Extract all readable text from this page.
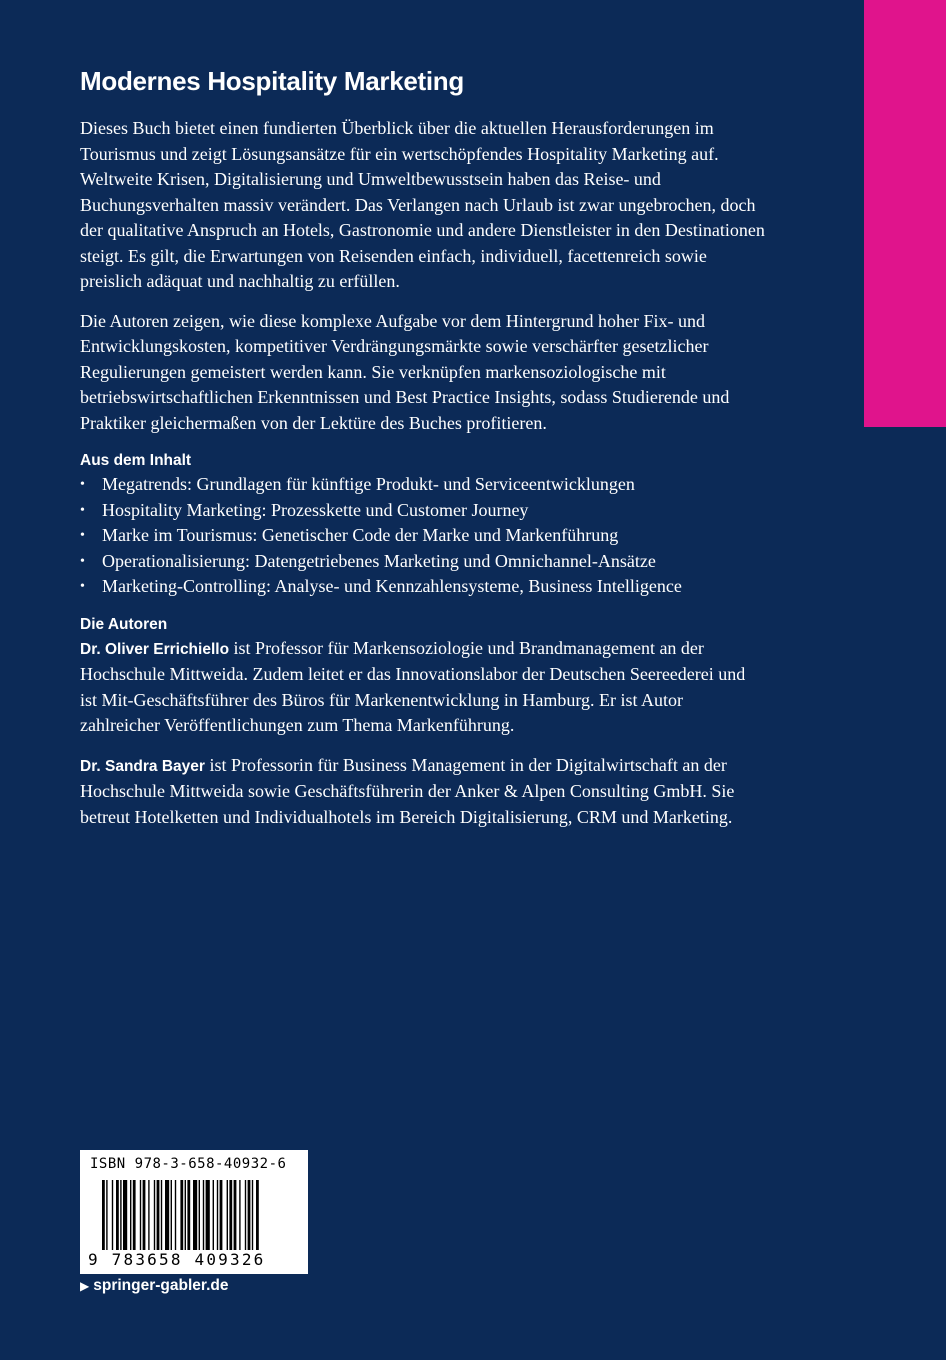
Modernes Hospitality Marketing

Dieses Buch bietet einen fundierten Überblick über die aktuellen Herausforderungen im Tourismus und zeigt Lösungsansätze für ein wertschöpfendes Hospitality Marketing auf. Weltweite Krisen, Digitalisierung und Umweltbewusstsein haben das Reise- und Buchungsverhalten massiv verändert. Das Verlangen nach Urlaub ist zwar ungebrochen, doch der qualitative Anspruch an Hotels, Gastronomie und andere Dienstleister in den Destinationen steigt. Es gilt, die Erwartungen von Reisenden einfach, individuell, facettenreich sowie preislich adäquat und nachhaltig zu erfüllen.

Die Autoren zeigen, wie diese komplexe Aufgabe vor dem Hintergrund hoher Fix- und Entwicklungskosten, kompetitiver Verdrängungsmärkte sowie verschärfter gesetzlicher Regulierungen gemeistert werden kann. Sie verknüpfen markensoziologische mit betriebswirtschaftlichen Erkenntnissen und Best Practice Insights, sodass Studierende und Praktiker gleichermaßen von der Lektüre des Buches profitieren.

Aus dem Inhalt
• Megatrends: Grundlagen für künftige Produkt- und Serviceentwicklungen
• Hospitality Marketing: Prozesskette und Customer Journey
• Marke im Tourismus: Genetischer Code der Marke und Markenführung
• Operationalisierung: Datengetriebenes Marketing und Omnichannel-Ansätze
• Marketing-Controlling: Analyse- und Kennzahlensysteme, Business Intelligence
Die Autoren

Dr. Oliver Errichiello ist Professor für Markensoziologie und Brandmanagement an der Hochschule Mittweida. Zudem leitet er das Innovationslabor der Deutschen Seereederei und ist Mit-Geschäftsführer des Büros für Markenentwicklung in Hamburg. Er ist Autor zahlreicher Veröffentlichungen zum Thema Markenführung.

Dr. Sandra Bayer ist Professorin für Business Management in der Digitalwirtschaft an der Hochschule Mittweida sowie Geschäftsführerin der Anker & Alpen Consulting GmbH. Sie betreut Hotelketten und Individualhotels im Bereich Digitalisierung, CRM und Marketing.

ISBN 978-3-658-40932-6
9 783658 409326
▶ springer-gabler.de
